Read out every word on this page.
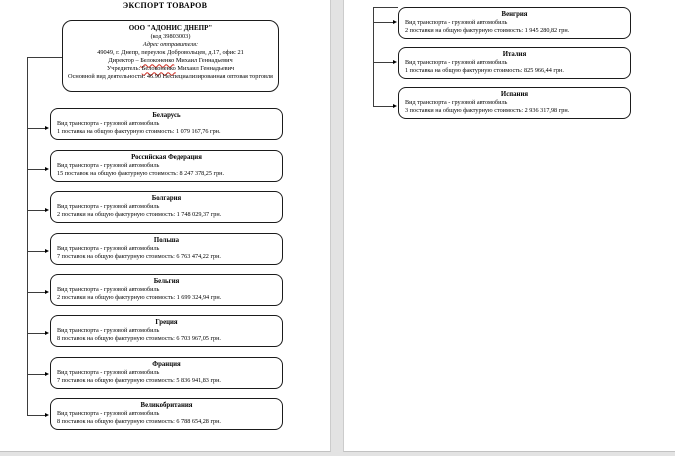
ЭКСПОРТ ТОВАРОВ
ООО "АДОНИС ДНЕПР"
(код 39803003)
Адрес отправителя:
49049, г. Днепр, переулок Добровольцев, д.17, офис 21
Директор – Белоконенко Михаил Геннадьевич
Учредитель: Белоконенко Михаил Геннадьевич
Основной вид деятельности: 46.90 Неспециализированная оптовая торговля
Беларусь
Вид транспорта - грузовой автомобиль
1 поставка на общую фактурную стоимость: 1 079 167,76 грн.
Российская Федерация
Вид транспорта - грузовой автомобиль
15 поставок на общую фактурную стоимость: 8 247 378,25 грн.
Болгария
Вид транспорта - грузовой автомобиль
2 поставки на общую фактурную стоимость: 1 748 029,37 грн.
Польша
Вид транспорта - грузовой автомобиль
7 поставок на общую фактурную стоимость: 6 763 474,22 грн.
Бельгия
Вид транспорта - грузовой автомобиль
2 поставки на общую фактурную стоимость: 1 699 324,94 грн.
Греция
Вид транспорта - грузовой автомобиль
8 поставок на общую фактурную стоимость: 6 703 967,05 грн.
Франция
Вид транспорта - грузовой автомобиль
7 поставок на общую фактурную стоимость: 5 836 941,83 грн.
Великобритания
Вид транспорта - грузовой автомобиль
8 поставок на общую фактурную стоимость: 6 788 654,28 грн.
Венгрия
Вид транспорта - грузовой автомобиль
2 поставки на общую фактурную стоимость: 1 945 280,82 грн.
Италия
Вид транспорта - грузовой автомобиль
1 поставка на общую фактурную стоимость: 825 966,44 грн.
Испания
Вид транспорта - грузовой автомобиль
3 поставки на общую фактурную стоимость: 2 936 317,98 грн.
